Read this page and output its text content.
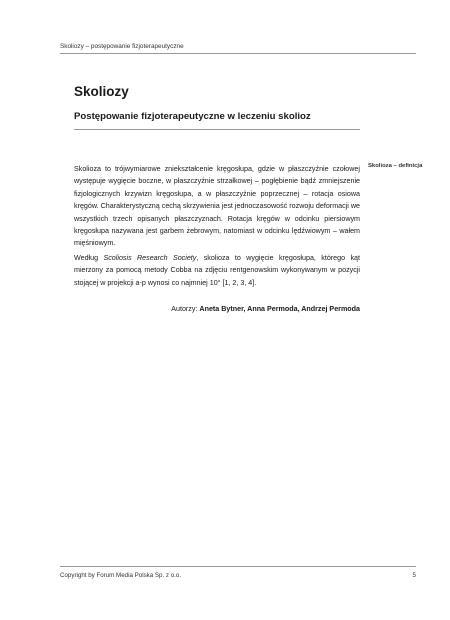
Skoliozy – postępowanie fizjoterapeutyczne
Skoliozy
Postępowanie fizjoterapeutyczne w leczeniu skolioz

Skolioza to trójwymiarowe zniekształcenie kręgosłupa, gdzie w płaszczyźnie czołowej występuje wygięcie boczne, w płaszczyźnie strzałkowej – pogłębienie bądź zmniejszenie fizjologicznych krzywizn kręgosłupa, a w płaszczyźnie poprzecznej – rotacja osiowa kręgów. Charakterystyczną cechą skrzywienia jest jednoczasowość rozwoju deformacji we wszystkich trzech opisanych płaszczyznach. Rotacja kręgów w odcinku piersiowym kręgosłupa nazywana jest garbem żebrowym, natomiast w odcinku lędźwiowym – wałem mięśniowym.

Według Scoliosis Research Society, skolioza to wygięcie kręgosłupa, którego kąt mierzony za pomocą metody Cobba na zdjęciu rentgenowskim wykonywanym w pozycji stojącej w projekcji a-p wynosi co najmniej 10° [1, 2, 3, 4].

Autorzy: Aneta Bytner, Anna Permoda, Andrzej Permoda

Skolioza – definicja
Copyright by Forum Media Polska Sp. z o.o.	5
